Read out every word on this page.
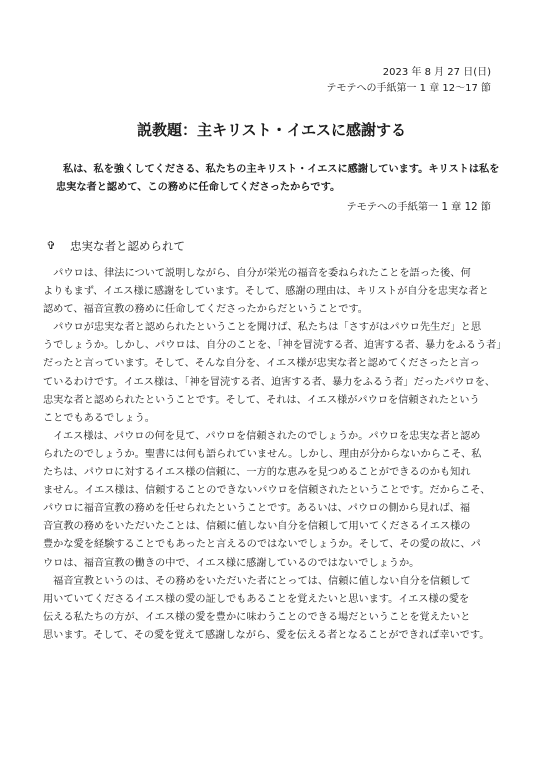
2023 年 8 月 27 日(日)
テモテへの手紙第一 1 章 12～17 節
説教題：主キリスト・イエスに感謝する

私は、私を強くしてくださる、私たちの主キリスト・イエスに感謝しています。キリストは私を

忠実な者と認めて、この務めに任命してくださったからです。

テモテへの手紙第一 1 章 12 節
✞ 忠実な者と認められて
　パウロは、律法について説明しながら、自分が栄光の福音を委ねられたことを語った後、何
よりもまず、イエス様に感謝をしています。そして、感謝の理由は、キリストが自分を忠実な者と
認めて、福音宣教の務めに任命してくださったからだということです。
　パウロが忠実な者と認められたということを聞けば、私たちは「さすがはパウロ先生だ」と思
うでしょうか。しかし、パウロは、自分のことを、「神を冒涜する者、迫害する者、暴力をふるう者」
だったと言っています。そして、そんな自分を、イエス様が忠実な者と認めてくださったと言っ
ているわけです。イエス様は、「神を冒涜する者、迫害する者、暴力をふるう者」だったパウロを、
忠実な者と認められたということです。そして、それは、イエス様がパウロを信頼されたという
ことでもあるでしょう。
　イエス様は、パウロの何を見て、パウロを信頼されたのでしょうか。パウロを忠実な者と認め
られたのでしょうか。聖書には何も語られていません。しかし、理由が分からないからこそ、私
たちは、パウロに対するイエス様の信頼に、一方的な恵みを見つめることができるのかも知れ
ません。イエス様は、信頼することのできないパウロを信頼されたということです。だからこそ、
パウロに福音宣教の務めを任せられたということです。あるいは、パウロの側から見れば、福
音宣教の務めをいただいたことは、信頼に値しない自分を信頼して用いてくださるイエス様の
豊かな愛を経験することでもあったと言えるのではないでしょうか。そして、その愛の故に、パ
ウロは、福音宣教の働きの中で、イエス様に感謝しているのではないでしょうか。
　福音宣教というのは、その務めをいただいた者にとっては、信頼に値しない自分を信頼して
用いていてくださるイエス様の愛の証しでもあることを覚えたいと思います。イエス様の愛を
伝える私たちの方が、イエス様の愛を豊かに味わうことのできる場だということを覚えたいと
思います。そして、その愛を覚えて感謝しながら、愛を伝える者となることができれば幸いです。
